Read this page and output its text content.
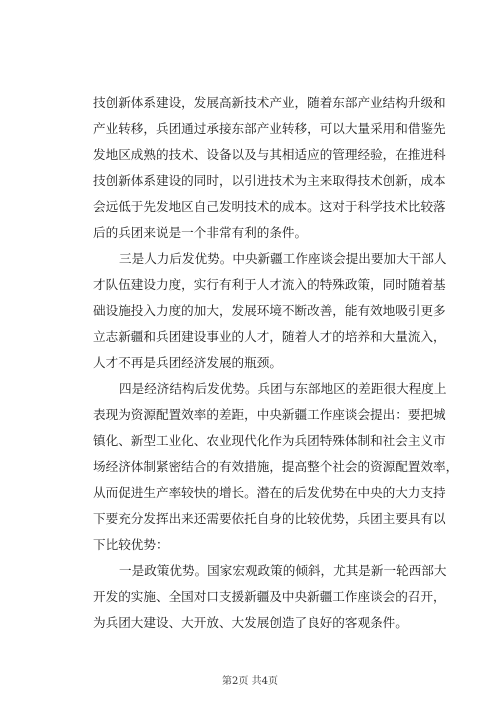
技创新体系建设，发展高新技术产业，随着东部产业结构升级和
产业转移，兵团通过承接东部产业转移，可以大量采用和借鉴先
发地区成熟的技术、设备以及与其相适应的管理经验，在推进科
技创新体系建设的同时，以引进技术为主来取得技术创新，成本
会远低于先发地区自己发明技术的成本。这对于科学技术比较落
后的兵团来说是一个非常有利的条件。
三是人力后发优势。中央新疆工作座谈会提出要加大干部人
才队伍建设力度，实行有利于人才流入的特殊政策，同时随着基
础设施投入力度的加大，发展环境不断改善，能有效地吸引更多
立志新疆和兵团建设事业的人才，随着人才的培养和大量流入，
人才不再是兵团经济发展的瓶颈。
四是经济结构后发优势。兵团与东部地区的差距很大程度上
表现为资源配置效率的差距，中央新疆工作座谈会提出：要把城
镇化、新型工业化、农业现代化作为兵团特殊体制和社会主义市
场经济体制紧密结合的有效措施，提高整个社会的资源配置效率，
从而促进生产率较快的增长。潜在的后发优势在中央的大力支持
下要充分发挥出来还需要依托自身的比较优势，兵团主要具有以
下比较优势：
一是政策优势。国家宏观政策的倾斜，尤其是新一轮西部大
开发的实施、全国对口支援新疆及中央新疆工作座谈会的召开，
为兵团大建设、大开放、大发展创造了良好的客观条件。
第2页 共4页
